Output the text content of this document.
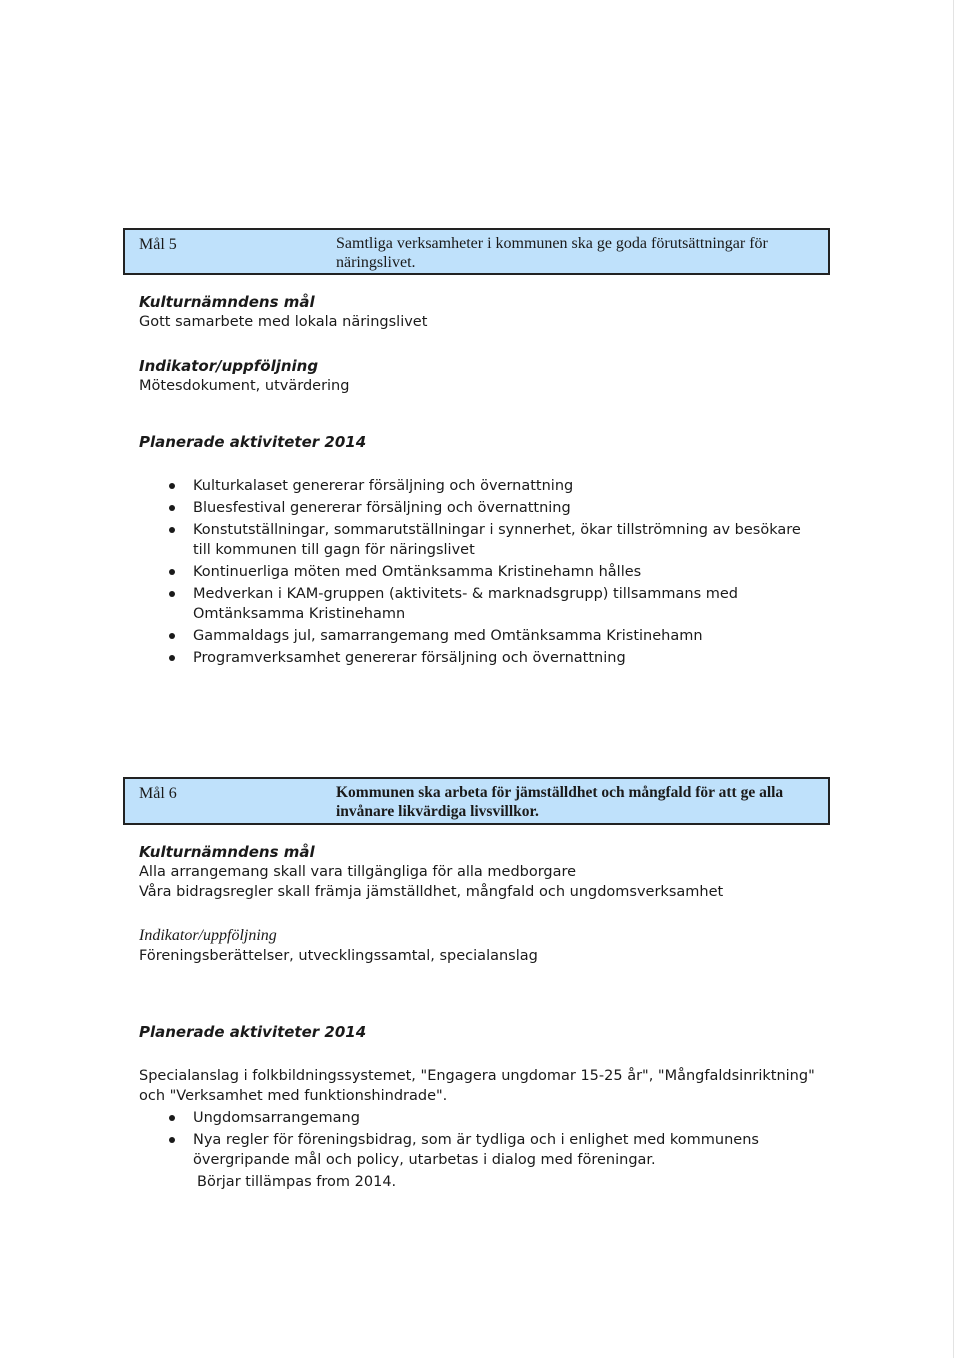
Mål 5	Samtliga verksamheter i kommunen ska ge goda förutsättningar för näringslivet.
Kulturnämndens mål
Gott samarbete med lokala näringslivet
Indikator/uppföljning
Mötesdokument, utvärdering
Planerade aktiviteter 2014
Kulturkalaset genererar försäljning och övernattning
Bluesfestival genererar försäljning och övernattning
Konstutställningar, sommarutställningar i synnerhet, ökar tillströmning av besökare till kommunen till gagn för näringslivet
Kontinuerliga möten med Omtänksamma Kristinehamn hålles
Medverkan i KAM-gruppen (aktivitets- & marknadsgrupp) tillsammans med Omtänksamma Kristinehamn
Gammaldags jul, samarrangemang med Omtänksamma Kristinehamn
Programverksamhet genererar försäljning och övernattning
Mål 6	Kommunen ska arbeta för jämställdhet och mångfald för att ge alla invånare likvärdiga livsvillkor.
Kulturnämndens mål
Alla arrangemang skall vara tillgängliga för alla medborgare
Våra bidragsregler skall främja jämställdhet, mångfald och ungdomsverksamhet
Indikator/uppföljning
Föreningsberättelser, utvecklingssamtal, specialanslag
Planerade aktiviteter 2014
Specialanslag i folkbildningssystemet, "Engagera ungdomar 15-25 år", "Mångfaldsinriktning" och "Verksamhet med funktionshindrade".
Ungdomsarrangemang
Nya regler för föreningsbidrag, som är tydliga och i enlighet med kommunens övergripande mål och policy, utarbetas i dialog med föreningar.
Börjar tillämpas from 2014.
